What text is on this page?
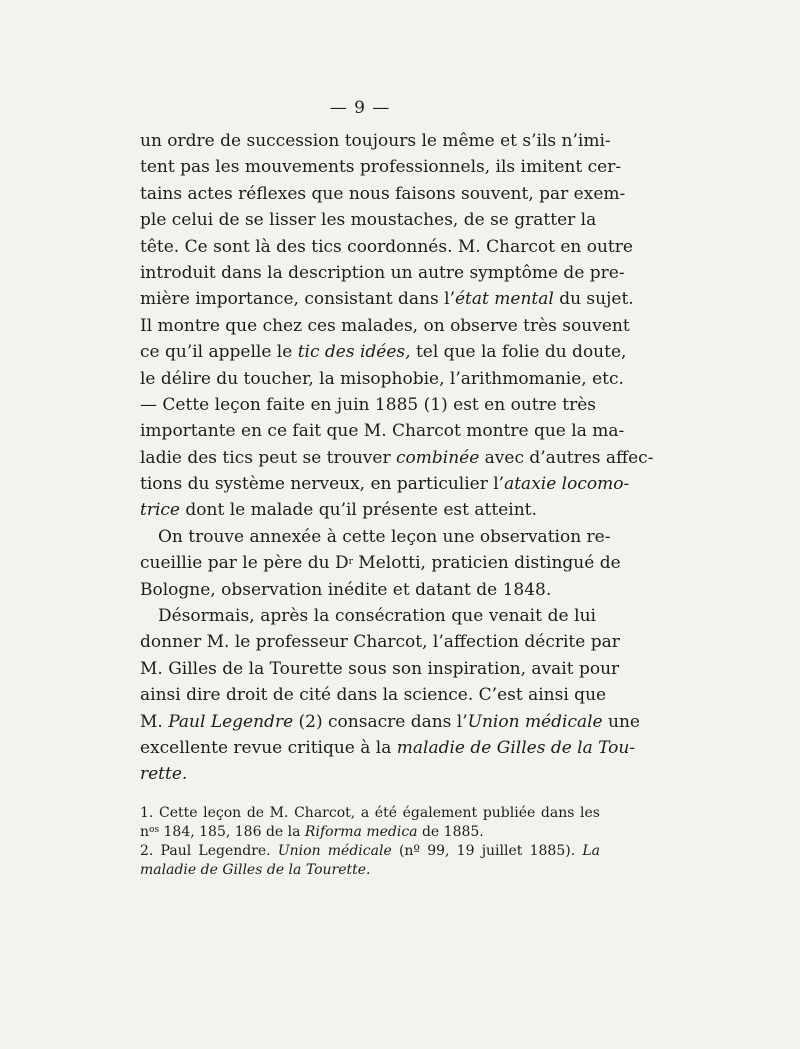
— 9 —
un ordre de succession toujours le même et s’ils n’imi-
tent pas les mouvements professionnels, ils imitent cer-
tains actes réflexes que nous faisons souvent, par exem-
ple celui de se lisser les moustaches, de se gratter la
tête. Ce sont là des tics coordonnés. M. Charcot en outre
introduit dans la description un autre symptôme de pre-
mière importance, consistant dans l’état mental du sujet.
Il montre que chez ces malades, on observe très souvent
ce qu’il appelle le tic des idées, tel que la folie du doute,
le délire du toucher, la misophobie, l’arithmomanie, etc.
— Cette leçon faite en juin 1885 (1) est en outre très
importante en ce fait que M. Charcot montre que la ma-
ladie des tics peut se trouver combinée avec d’autres affec-
tions du système nerveux, en particulier l’ataxie locomo-
trice dont le malade qu’il présente est atteint.
On trouve annexée à cette leçon une observation re-
cueillie par le père du $D^r$ Melotti, praticien distingué de
Bologne, observation inédite et datant de 1848.
Désormais, après la consécration que venait de lui
donner M. le professeur Charcot, l’affection décrite par
M. Gilles de la Tourette sous son inspiration, avait pour
ainsi dire droit de cité dans la science. C’est ainsi que
M. Paul Legendre (2) consacre dans l’Union médicale une
excellente revue critique à la maladie de Gilles de la Tou-
rette.
1. Cette leçon de M. Charcot, a été également publiée dans les
$n^{os}$ 184, 185, 186 de la Riforma medica de 1885.
2. Paul Legendre. Union médicale (nº 99, 19 juillet 1885). La
maladie de Gilles de la Tourette.
